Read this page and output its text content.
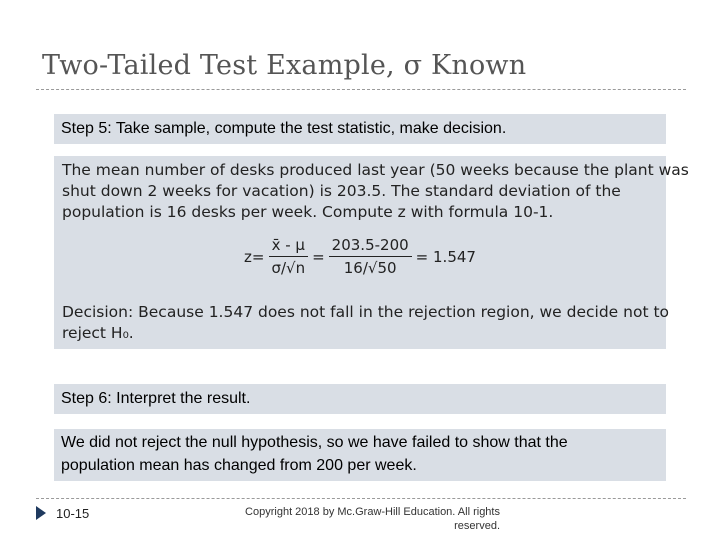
Two-Tailed Test Example, σ Known
Step 5: Take sample, compute the test statistic, make decision.
The mean number of desks produced last year (50 weeks because the plant was
shut down 2 weeks for vacation) is 203.5. The standard deviation of the
population is 16 desks per week. Compute z with formula 10-1.
$z= \frac{x̄ - \mu}{\sigma/√n} = \frac{203.5-200}{16/√50} = 1.547$
Decision: Because 1.547 does not fall in the rejection region, we decide not to
reject H₀.
Step 6: Interpret the result.
We did not reject the null hypothesis, so we have failed to show that the
population mean has changed from 200 per week.
10-15	Copyright 2018 by Mc.Graw-Hill Education. All rights
reserved.
